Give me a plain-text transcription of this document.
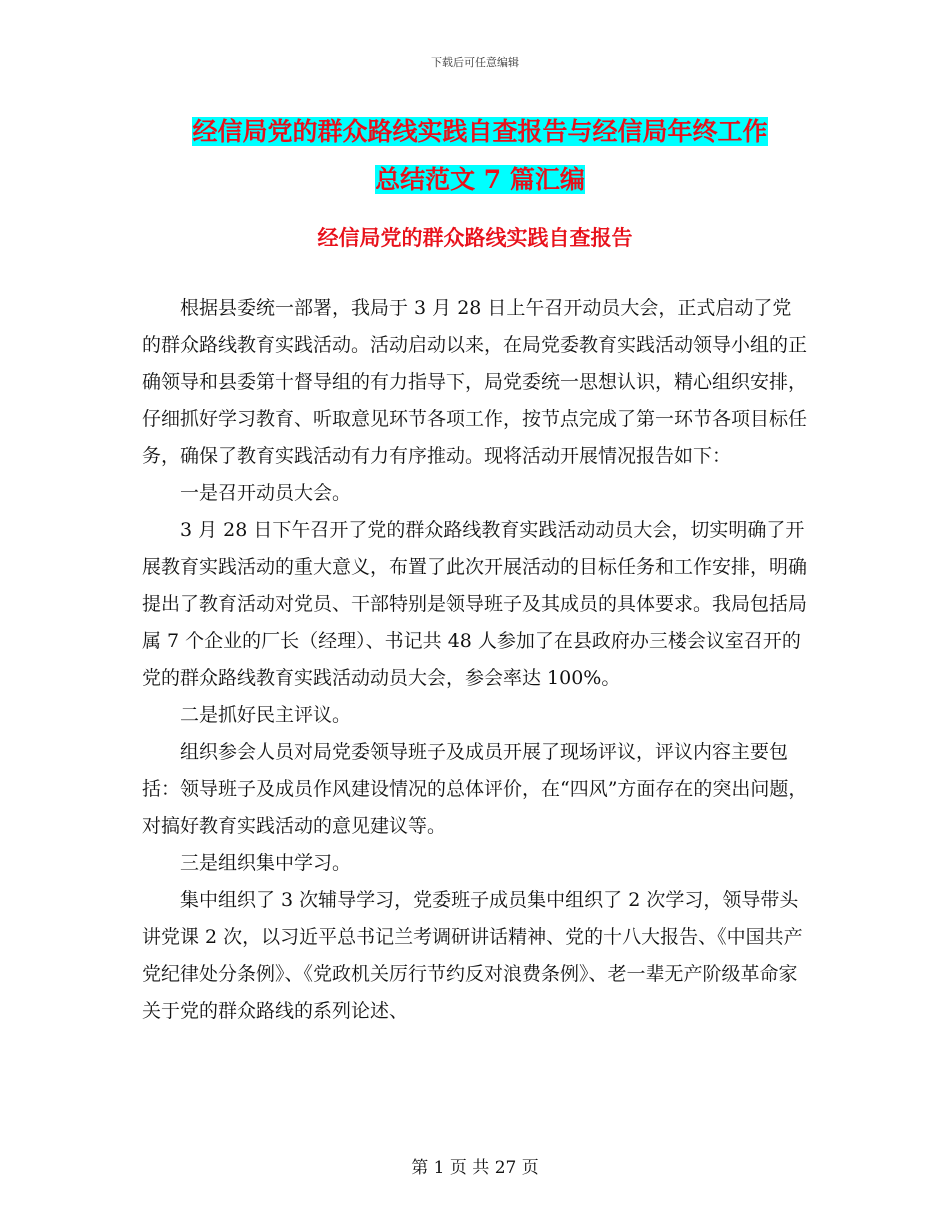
下载后可任意编辑
经信局党的群众路线实践自查报告与经信局年终工作
总结范文 7 篇汇编
经信局党的群众路线实践自查报告

根据县委统一部署，我局于 3 月 28 日上午召开动员大会，正式启动了党的群众路线教育实践活动。活动启动以来，在局党委教育实践活动领导小组的正确领导和县委第十督导组的有力指导下，局党委统一思想认识，精心组织安排，仔细抓好学习教育、听取意见环节各项工作，按节点完成了第一环节各项目标任务，确保了教育实践活动有力有序推动。现将活动开展情况报告如下：

一是召开动员大会。

3 月 28 日下午召开了党的群众路线教育实践活动动员大会，切实明确了开展教育实践活动的重大意义，布置了此次开展活动的目标任务和工作安排，明确提出了教育活动对党员、干部特别是领导班子及其成员的具体要求。我局包括局属 7 个企业的厂长（经理）、书记共 48 人参加了在县政府办三楼会议室召开的党的群众路线教育实践活动动员大会，参会率达 100%。

二是抓好民主评议。

组织参会人员对局党委领导班子及成员开展了现场评议，评议内容主要包括：领导班子及成员作风建设情况的总体评价，在“四风”方面存在的突出问题，对搞好教育实践活动的意见建议等。

三是组织集中学习。

集中组织了 3 次辅导学习，党委班子成员集中组织了 2 次学习，领导带头讲党课 2 次，以习近平总书记兰考调研讲话精神、党的十八大报告、《中国共产党纪律处分条例》、《党政机关厉行节约反对浪费条例》、老一辈无产阶级革命家关于党的群众路线的系列论述、

第 1 页 共 27 页
